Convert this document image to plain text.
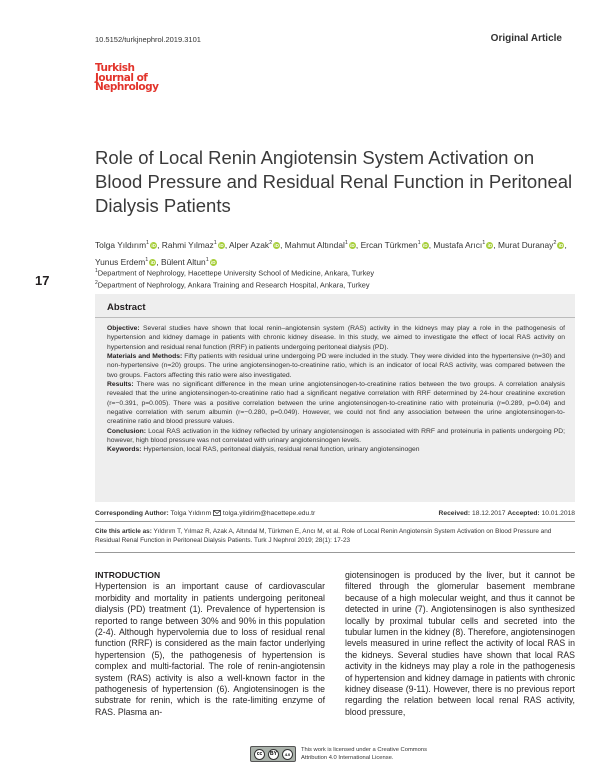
10.5152/turkjnephrol.2019.3101	Original Article
Turkish
Journal of
Nephrology
17
Role of Local Renin Angiotensin System Activation on Blood Pressure and Residual Renal Function in Peritoneal Dialysis Patients
Tolga Yıldırım$^1$ iD, Rahmi Yılmaz$^1$ iD, Alper Azak$^2$ iD, Mahmut Altındal$^1$ iD, Ercan Türkmen$^1$ iD, Mustafa Arıcı$^1$ iD, Murat Duranay$^2$ iD, Yunus Erdem$^1$ iD, Bülent Altun$^1$ iD
$^1$Department of Nephrology, Hacettepe University School of Medicine, Ankara, Turkey
$^2$Department of Nephrology, Ankara Training and Research Hospital, Ankara, Turkey
Abstract

Objective: Several studies have shown that local renin–angiotensin system (RAS) activity in the kidneys may play a role in the pathogenesis of hypertension and kidney damage in patients with chronic kidney disease. In this study, we aimed to investigate the effect of local RAS activity on hypertension and residual renal function (RRF) in patients undergoing peritoneal dialysis (PD).

Materials and Methods: Fifty patients with residual urine undergoing PD were included in the study. They were divided into the hypertensive (n=30) and non-hypertensive (n=20) groups. The urine angiotensinogen-to-creatinine ratio, which is an indicator of local RAS activity, was compared between the two groups. Factors affecting this ratio were also investigated.

Results: There was no significant difference in the mean urine angiotensinogen-to-creatinine ratios between the two groups. A correlation analysis revealed that the urine angiotensinogen-to-creatinine ratio had a significant negative correlation with RRF determined by 24-hour creatinine excretion (r=−0.391, p=0.005). There was a positive correlation between the urine angiotensinogen-to-creatinine ratio with proteinuria (r=0.289, p=0.04) and negative correlation with serum albumin (r=−0.280, p=0.049). However, we could not find any association between the urine angiotensinogen-to-creatinine ratio and blood pressure values.

Conclusion: Local RAS activation in the kidney reflected by urinary angiotensinogen is associated with RRF and proteinuria in patients undergoing PD; however, high blood pressure was not correlated with urinary angiotensinogen levels.

Keywords: Hypertension, local RAS, peritoneal dialysis, residual renal function, urinary angiotensinogen

Corresponding Author: Tolga Yıldırım  tolga.yildirim@hacettepe.edu.tr	Received: 18.12.2017 Accepted: 10.01.2018
Cite this article as: Yıldırım T, Yılmaz R, Azak A, Altındal M, Türkmen E, Arıcı M, et al. Role of Local Renin Angiotensin System Activation on Blood Pressure and Residual Renal Function in Peritoneal Dialysis Patients. Turk J Nephrol 2019; 28(1): 17-23
INTRODUCTION
Hypertension is an important cause of cardiovascular morbidity and mortality in patients undergoing peritoneal dialysis (PD) treatment (1). Prevalence of hypertension is reported to range between 30% and 90% in this population (2-4). Although hypervolemia due to loss of residual renal function (RRF) is considered as the main factor underlying hypertension (5), the pathogenesis of hypertension is complex and multi-factorial. The role of renin-angiotensin system (RAS) activity is also a well-known factor in the pathogenesis of hypertension (6). Angiotensinogen is the substrate for renin, which is the rate-limiting enzyme of RAS. Plasma an-
giotensinogen is produced by the liver, but it cannot be filtered through the glomerular basement membrane because of a high molecular weight, and thus it cannot be detected in urine (7). Angiotensinogen is also synthesized locally by proximal tubular cells and secreted into the tubular lumen in the kidney (8). Therefore, angiotensinogen levels measured in urine reflect the activity of local RAS in the kidneys. Several studies have shown that local RAS activity in the kidneys may play a role in the pathogenesis of hypertension and kidney damage in patients with chronic kidney disease (9-11). However, there is no previous report regarding the relation between local renal RAS activity, blood pressure,
cc	BY	4.0
This work is licensed under a Creative Commons Attribution 4.0 International License.
